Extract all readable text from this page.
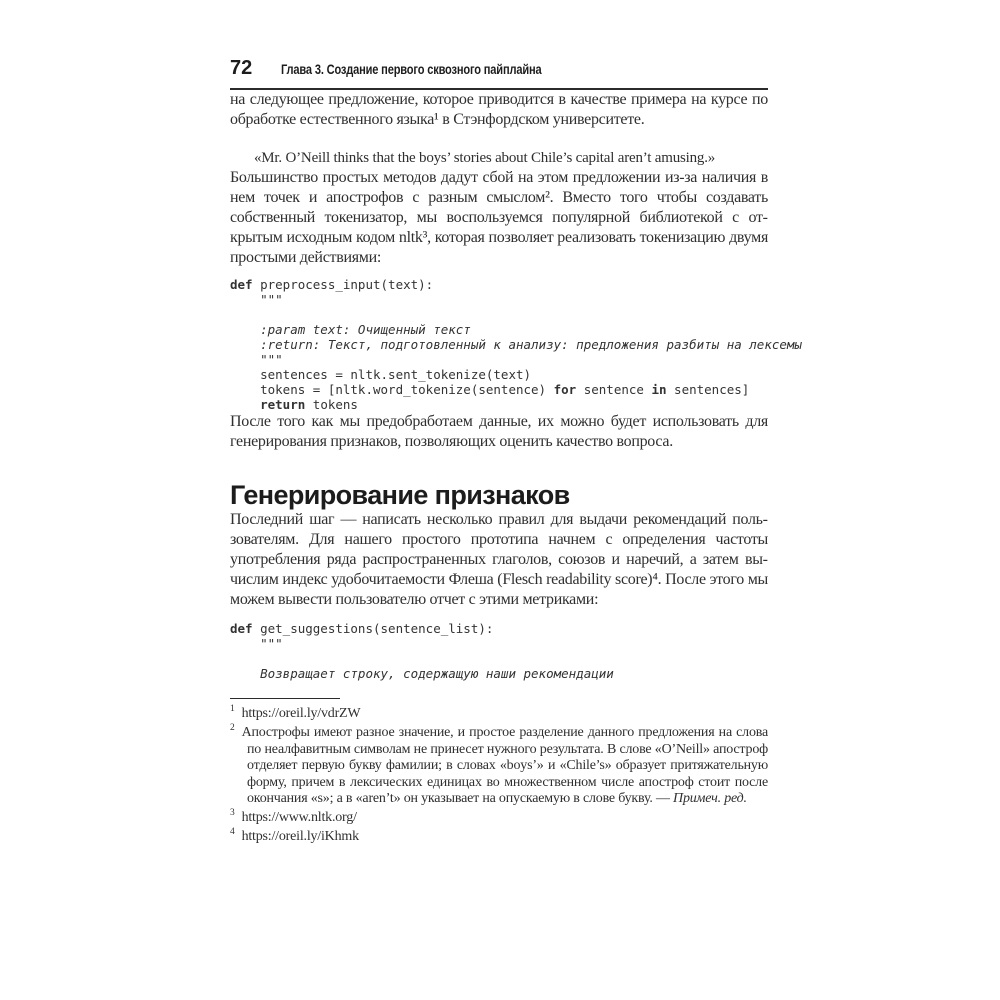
72 Глава 3. Создание первого сквозного пайплайна

на следующее предложение, которое приводится в качестве примера на курсе по обработке естественного языка¹ в Стэнфордском университете.

«Mr. O’Neill thinks that the boys’ stories about Chile’s capital aren’t amusing.»

Большинство простых методов дадут сбой на этом предложении из-за наличия в нем точек и апострофов с разным смыслом². Вместо того чтобы создавать собственный токенизатор, мы воспользуемся популярной библиотекой с открытым исходным кодом nltk³, которая позволяет реализовать токенизацию двумя простыми действиями:

def preprocess_input(text):
"""
:param text: Очищенный текст
:return: Текст, подготовленный к анализу: предложения разбиты на лексемы
"""
sentences = nltk.sent_tokenize(text)
tokens = [nltk.word_tokenize(sentence) for sentence in sentences]
return tokens

После того как мы предобработаем данные, их можно будет использовать для генерирования признаков, позволяющих оценить качество вопроса.

Генерирование признаков

Последний шаг — написать несколько правил для выдачи рекомендаций пользователям. Для нашего простого прототипа начнем с определения частоты употребления ряда распространенных глаголов, союзов и наречий, а затем вычислим индекс удобочитаемости Флеша (Flesch readability score)⁴. После этого мы можем вывести пользователю отчет с этими метриками:

def get_suggestions(sentence_list):
"""
Возвращает строку, содержащую наши рекомендации
$^1$ https://oreil.ly/vdrZW
$^2$ Апострофы имеют разное значение, и простое разделение данного предложения на слова по неалфавитным символам не принесет нужного результата. В слове «O’Neill» апостроф отделяет первую букву фамилии; в словах «boys’» и «Chile’s» образует притяжательную форму, причем в лексических единицах во множественном числе апостроф стоит после окончания «s»; а в «aren’t» он указывает на опускаемую в слове букву. — Примеч. ред.
$^3$ https://www.nltk.org/
$^4$ https://oreil.ly/iKhmk
